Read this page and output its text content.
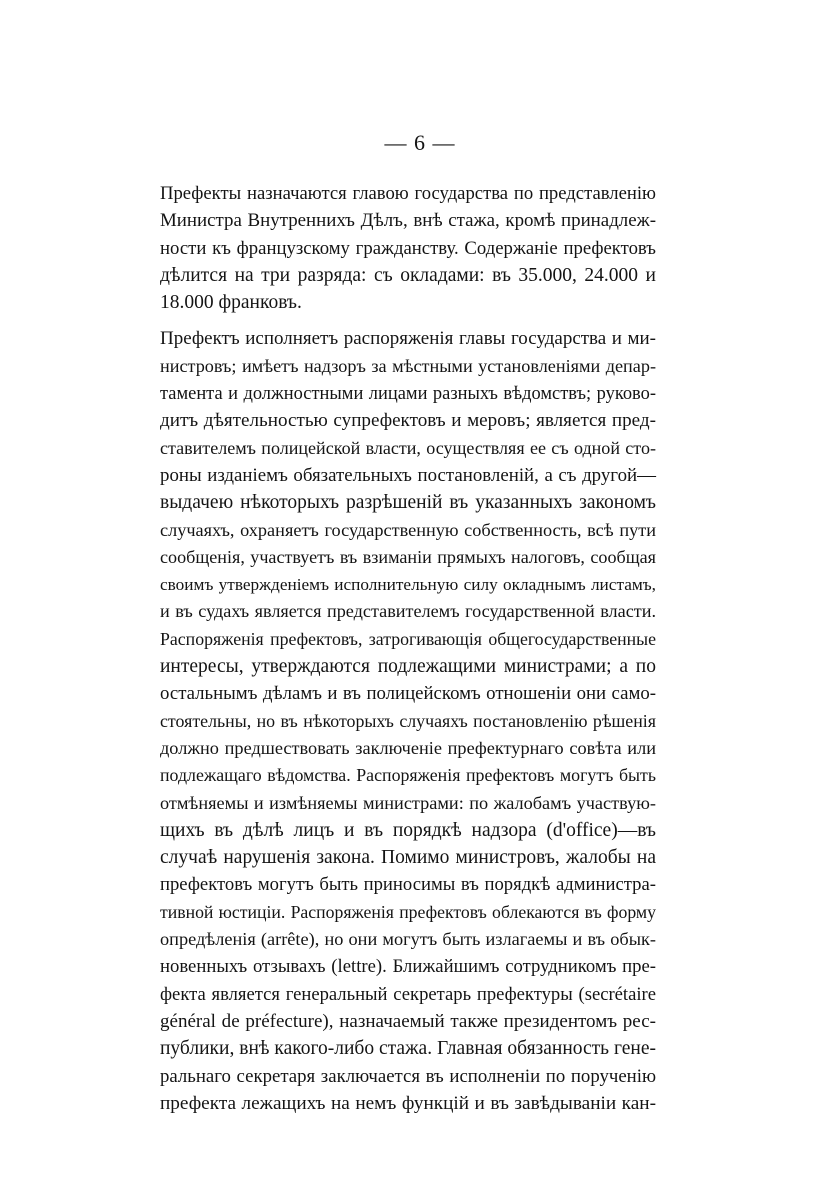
— 6 —
Префекты назначаются главою государства по представленію
Министра Внутреннихъ Дѣлъ, внѣ стажа, кромѣ принадлеж-
ности къ французскому гражданству. Содержаніе префектовъ
дѣлится на три разряда: съ окладами: въ 35.000, 24.000 и
18.000 франковъ.
Префектъ исполняетъ распоряженія главы государства и ми-
нистровъ; имѣетъ надзоръ за мѣстными установленіями депар-
тамента и должностными лицами разныхъ вѣдомствъ; руково-
дитъ дѣятельностью супрефектовъ и меровъ; является пред-
ставителемъ полицейской власти, осуществляя ее съ одной сто-
роны изданіемъ обязательныхъ постановленій, а съ другой—
выдачею нѣкоторыхъ разрѣшеній въ указанныхъ закономъ
случаяхъ, охраняетъ государственную собственность, всѣ пути
сообщенія, участвуетъ въ взиманіи прямыхъ налоговъ, сообщая
своимъ утвержденіемъ исполнительную силу окладнымъ листамъ,
и въ судахъ является представителемъ государственной власти.
Распоряженія префектовъ, затрогивающія общегосударственные
интересы, утверждаются подлежащими министрами; а по
остальнымъ дѣламъ и въ полицейскомъ отношеніи они само-
стоятельны, но въ нѣкоторыхъ случаяхъ постановленію рѣшенія
должно предшествовать заключеніе префектурнаго совѣта или
подлежащаго вѣдомства. Распоряженія префектовъ могутъ быть
отмѣняемы и измѣняемы министрами: по жалобамъ участвую-
щихъ въ дѣлѣ лицъ и въ порядкѣ надзора (d'office)—въ
случаѣ нарушенія закона. Помимо министровъ, жалобы на
префектовъ могутъ быть приносимы въ порядкѣ администра-
тивной юстиціи. Распоряженія префектовъ облекаются въ форму
опредѣленія (arrête), но они могутъ быть излагаемы и въ обык-
новенныхъ отзывахъ (lettre). Ближайшимъ сотрудникомъ пре-
фекта является генеральный секретарь префектуры (secrétaire
général de préfecture), назначаемый также президентомъ рес-
публики, внѣ какого-либо стажа. Главная обязанность гене-
ральнаго секретаря заключается въ исполненіи по порученію
префекта лежащихъ на немъ функцій и въ завѣдываніи кан-
